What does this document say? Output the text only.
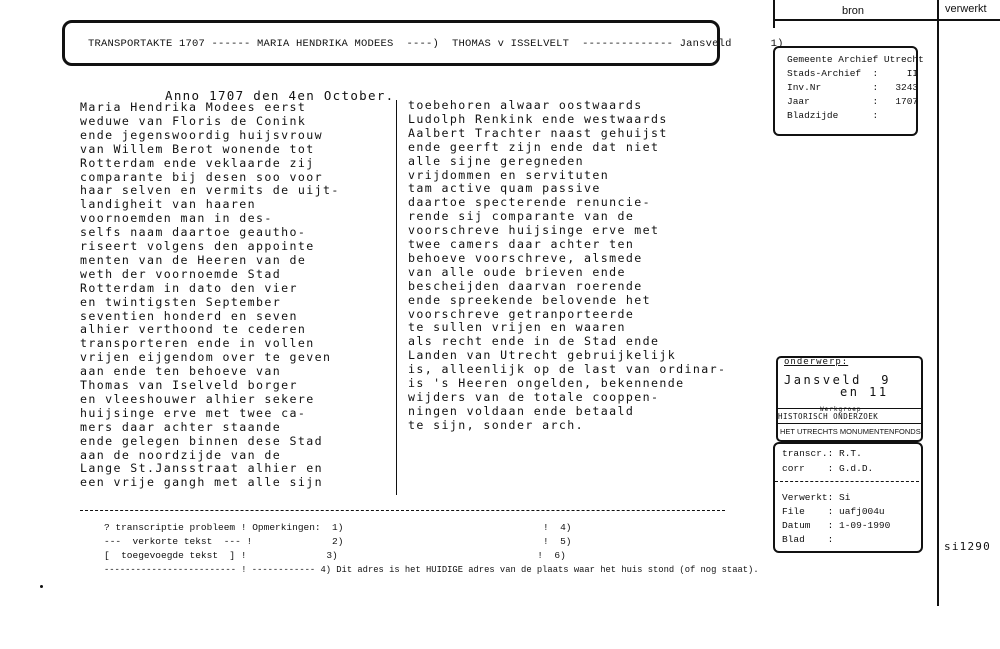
TRANSPORTAKTE 1707 ------ MARIA HENDRIKA MODEES  ----)  THOMAS v ISSELVELT  -------------- Jansveld      1)
bron	verwerkt
Gemeente Archief Utrecht
Stads-Archief  :     II
Inv.Nr         :   3243
Jaar           :   1707
Bladzijde      :
Anno 1707 den 4en October.
Maria Hendrika Modees eerst
weduwe van Floris de Conink
ende jegenswoordig huijsvrouw
van Willem Berot wonende tot
Rotterdam ende veklaarde zij
comparante bij desen soo voor
haar selven en vermits de uijt-
landigheit van haaren
voornoemden man in des-
selfs naam daartoe geautho-
riseert volgens den appointe
menten van de Heeren van de
weth der voornoemde Stad
Rotterdam in dato den vier
en twintigsten September
seventien honderd en seven
alhier verthoond te cederen
transporteren ende in vollen
vrijen eijgendom over te geven
aan ende ten behoeve van
Thomas van Iselveld borger
en vleeshouwer alhier sekere
huijsinge erve met twee ca-
mers daar achter staande
ende gelegen binnen dese Stad
aan de noordzijde van de
Lange St.Jansstraat alhier en
een vrije gangh met alle sijn
toebehoren alwaar oostwaards
Ludolph Renkink ende westwaards
Aalbert Trachter naast gehuijst
ende geerft zijn ende dat niet
alle sijne geregneden
vrijdommen en servituten
tam active quam passive
daartoe specterende renuncie-
rende sij comparante van de
voorschreve huijsinge erve met
twee camers daar achter ten
behoeve voorschreve, alsmede
van alle oude brieven ende
bescheijden daarvan roerende
ende spreekende belovende het
voorschreve getranporteerde
te sullen vrijen en waaren
als recht ende in de Stad ende
Landen van Utrecht gebruijkelijk
is, alleenlijk op de last van ordinar-
is 's Heeren ongelden, bekennende
wijders van de totale cooppen-
ningen voldaan ende betaald
te sijn, sonder arch.
onderwerp:
Jansveld  9
en 11
Werkgroep
HISTORISCH ONDERZOEK
HET UTRECHTS MONUMENTENFONDS
transcr.: R.T.
corr    : G.d.D.
Verwerkt: Si
File    : uafj004u
Datum   : 1-09-1990
Blad    :
si1290
? transcriptie probleem ! Opmerkingen:  1)                                   !  4)
---  verkorte tekst  --- !              2)                                   !  5)
[  toegevoegde tekst  ] !              3)                                   !  6)
------------------------- ! ------------ 4) Dit adres is het HUIDIGE adres van de plaats waar het huis stond (of nog staat).
